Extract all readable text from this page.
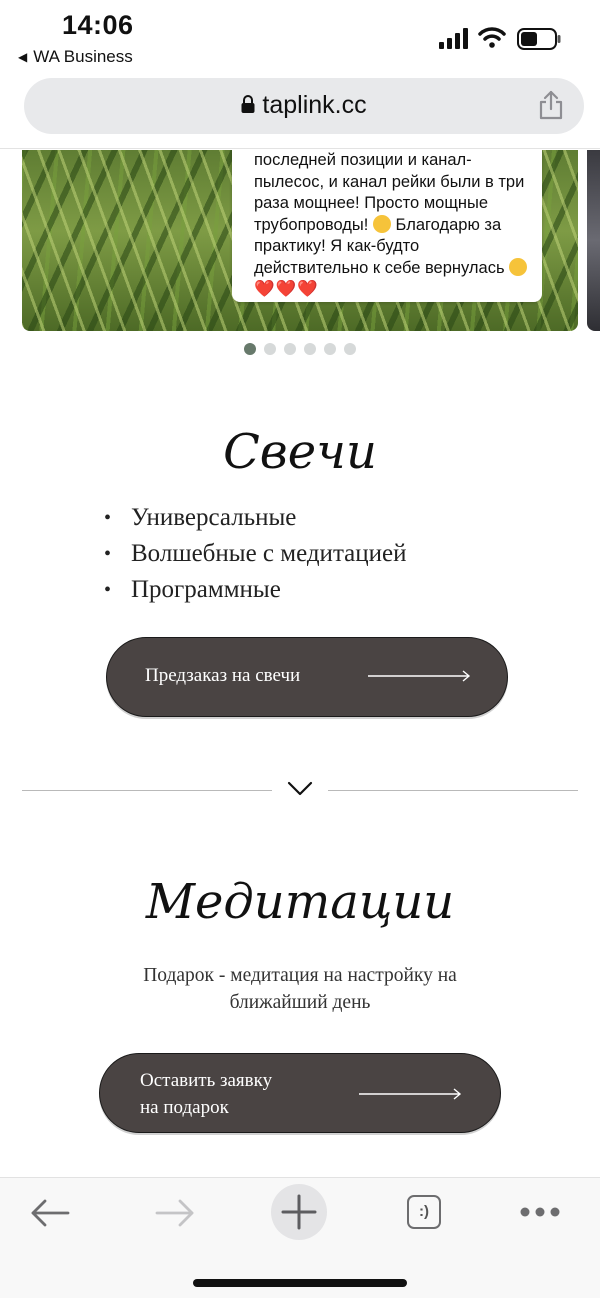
14:06
◀ WA Business
taplink.cc
последней позиции и канал-
пылесос, и канал рейки были в три
раза мощнее! Просто мощные
трубопроводы!  Благодарю за
практику! Я как-будто
действительно к себе вернулась
❤️❤️❤️
Свечи
• Универсальные
• Волшебные с медитацией
• Программные
Предзаказ на свечи
Медитации
Подарок - медитация на настройку на
ближайший день
Оставить заявку
на подарок
:)
